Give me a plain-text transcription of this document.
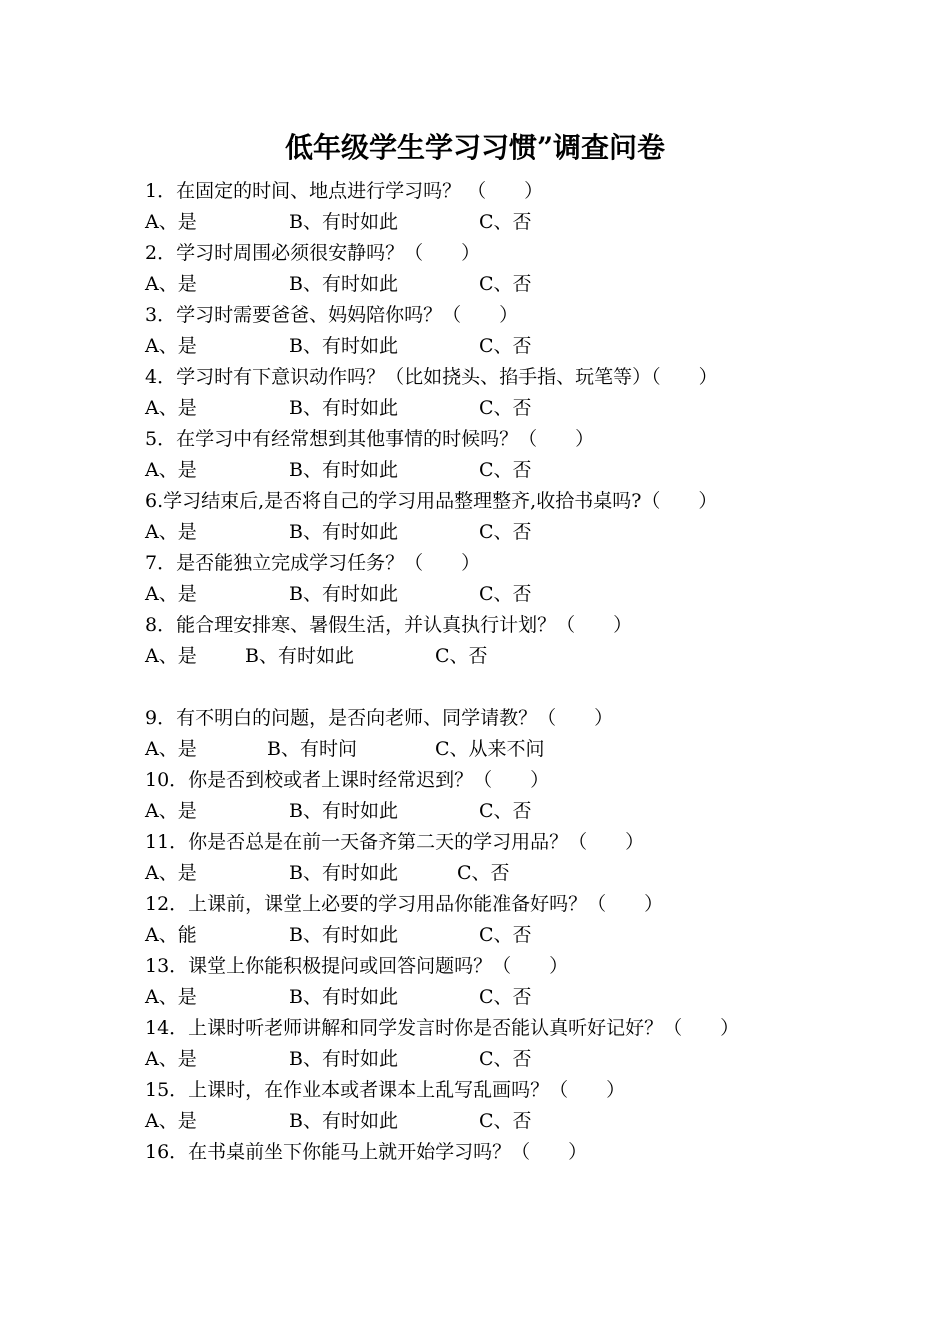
低年级学生学习习惯”调查问卷
1．在固定的时间、地点进行学习吗？ （　　）
A、是	B、有时如此	C、否
2．学习时周围必须很安静吗？（　　）
A、是	B、有时如此	C、否
3．学习时需要爸爸、妈妈陪你吗？（　　）
A、是	B、有时如此	C、否
4．学习时有下意识动作吗？（比如挠头、掐手指、玩笔等）（　　）
A、是	B、有时如此	C、否
5．在学习中有经常想到其他事情的时候吗？（　　）
A、是	B、有时如此	C、否
6.学习结束后,是否将自己的学习用品整理整齐,收拾书桌吗?（　　）
A、是	B、有时如此	C、否
7．是否能独立完成学习任务？（　　）
A、是	B、有时如此	C、否
8．能合理安排寒、暑假生活，并认真执行计划？（　　）
A、是	B、有时如此	C、否
9．有不明白的问题，是否向老师、同学请教？（　　）
A、是	B、有时问	C、从来不问
10．你是否到校或者上课时经常迟到？（　　）
A、是	B、有时如此	C、否
11．你是否总是在前一天备齐第二天的学习用品？（　　）
A、是	B、有时如此	C、否
12．上课前，课堂上必要的学习用品你能准备好吗？（　　）
A、能	B、有时如此	C、否
13．课堂上你能积极提问或回答问题吗？（　　）
A、是	B、有时如此	C、否
14．上课时听老师讲解和同学发言时你是否能认真听好记好？（　　）
A、是	B、有时如此	C、否
15．上课时，在作业本或者课本上乱写乱画吗？（　　）
A、是	B、有时如此	C、否
16．在书桌前坐下你能马上就开始学习吗？（　　）
